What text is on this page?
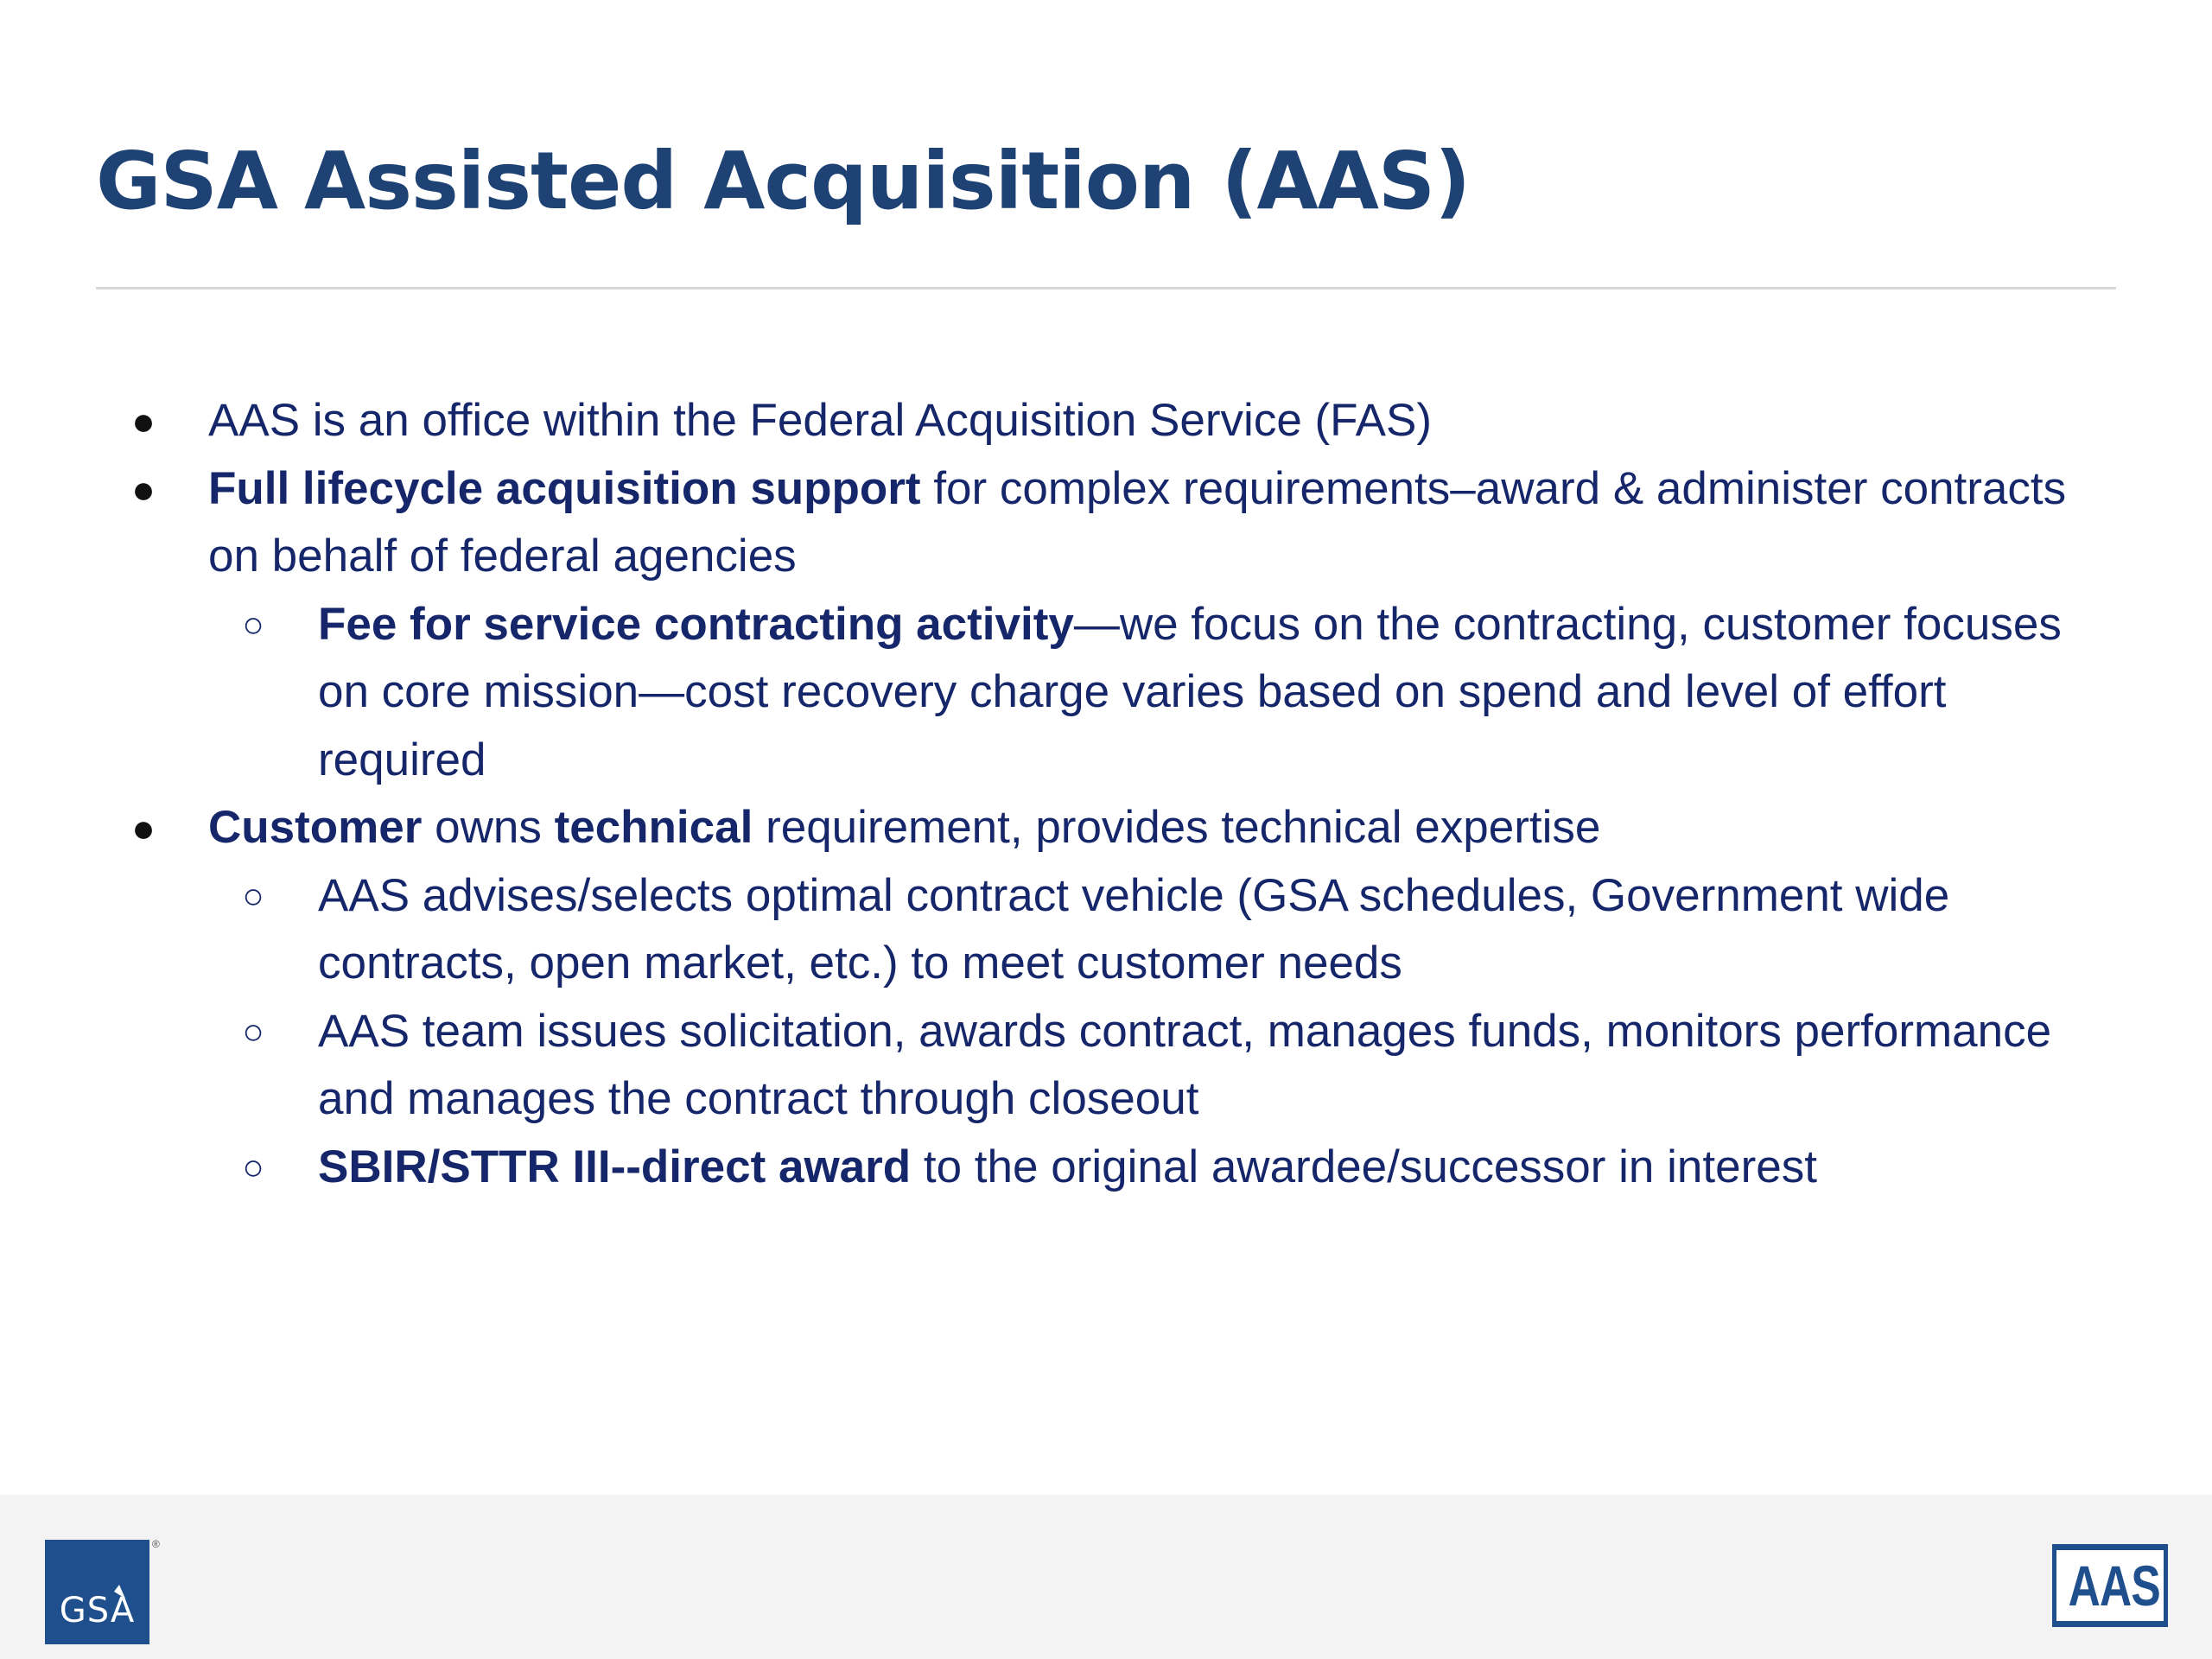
GSA Assisted Acquisition (AAS)
● AAS is an office within the Federal Acquisition Service (FAS)
● Full lifecycle acquisition support for complex requirements–award & administer contracts on behalf of federal agencies
○ Fee for service contracting activity—we focus on the contracting, customer focuses on core mission—cost recovery charge varies based on spend and level of effort required
● Customer owns technical requirement, provides technical expertise
○ AAS advises/selects optimal contract vehicle (GSA schedules, Government wide contracts, open market, etc.) to meet customer needs
○ AAS team issues solicitation, awards contract, manages funds, monitors performance and manages the contract through closeout
○ SBIR/STTR III--direct award to the original awardee/successor in interest
GSA
®
AAS
